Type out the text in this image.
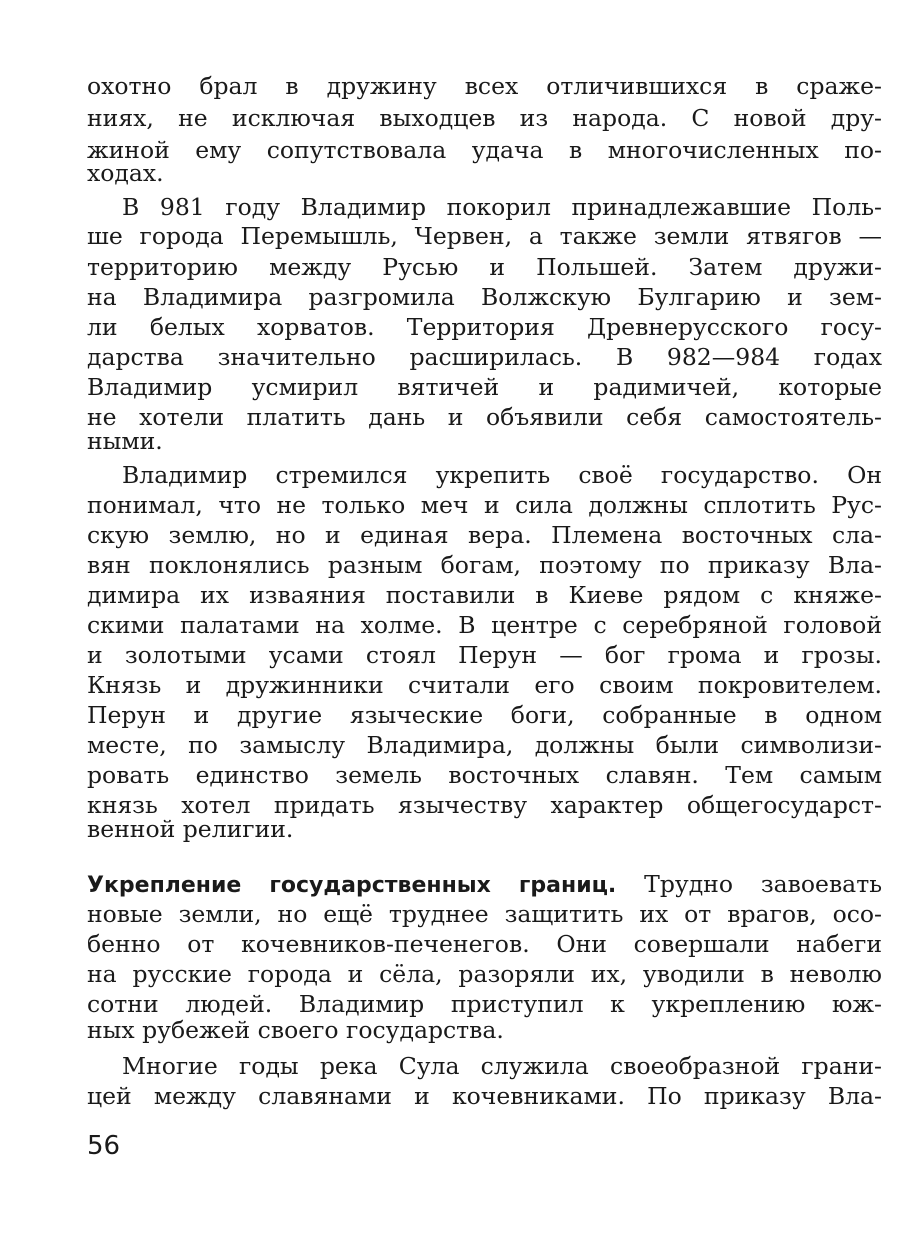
охотно брал в дружину всех отличившихся в сраже-
ниях, не исключая выходцев из народа. С новой дру-
жиной ему сопутствовала удача в многочисленных по-
ходах.
В 981 году Владимир покорил принадлежавшие Поль-
ше города Перемышль, Червен, а также земли ятвягов —
территорию между Русью и Польшей. Затем дружи-
на Владимира разгромила Волжскую Булгарию и зем-
ли белых хорватов. Территория Древнерусского госу-
дарства значительно расширилась. В 982—984 годах
Владимир усмирил вятичей и радимичей, которые
не хотели платить дань и объявили себя самостоятель-
ными.
Владимир стремился укрепить своё государство. Он
понимал, что не только меч и сила должны сплотить Рус-
скую землю, но и единая вера. Племена восточных сла-
вян поклонялись разным богам, поэтому по приказу Вла-
димира их изваяния поставили в Киеве рядом с княже-
скими палатами на холме. В центре с серебряной головой
и золотыми усами стоял Перун — бог грома и грозы.
Князь и дружинники считали его своим покровителем.
Перун и другие языческие боги, собранные в одном
месте, по замыслу Владимира, должны были символизи-
ровать единство земель восточных славян. Тем самым
князь хотел придать язычеству характер общегосударст-
венной религии.
Укрепление государственных границ. Трудно завоевать
новые земли, но ещё труднее защитить их от врагов, осо-
бенно от кочевников-печенегов. Они совершали набеги
на русские города и сёла, разоряли их, уводили в неволю
сотни людей. Владимир приступил к укреплению юж-
ных рубежей своего государства.
Многие годы река Сула служила своеобразной грани-
цей между славянами и кочевниками. По приказу Вла-
56
